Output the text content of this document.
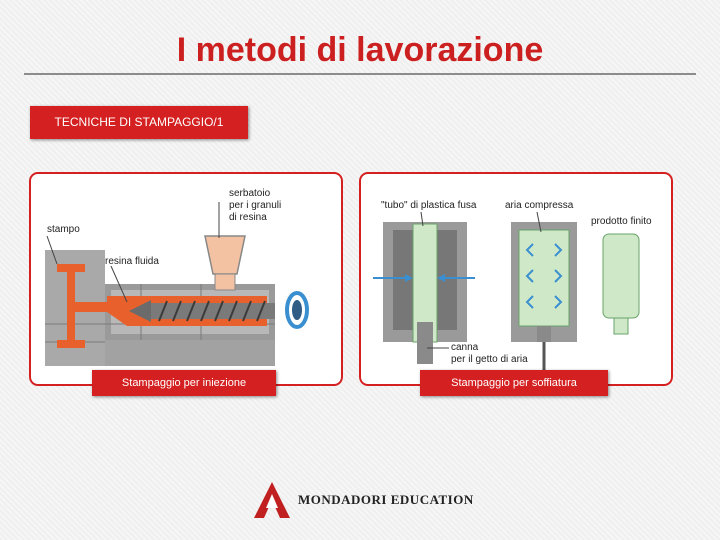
I metodi di lavorazione
TECNICHE DI STAMPAGGIO/1
serbatoio
per i granuli
di resina
stampo
resina fluida
"tubo" di plastica fusa	aria compressa
prodotto finito
canna
per il getto di aria
Stampaggio per iniezione	Stampaggio per soffiatura
MONDADORI EDUCATION
